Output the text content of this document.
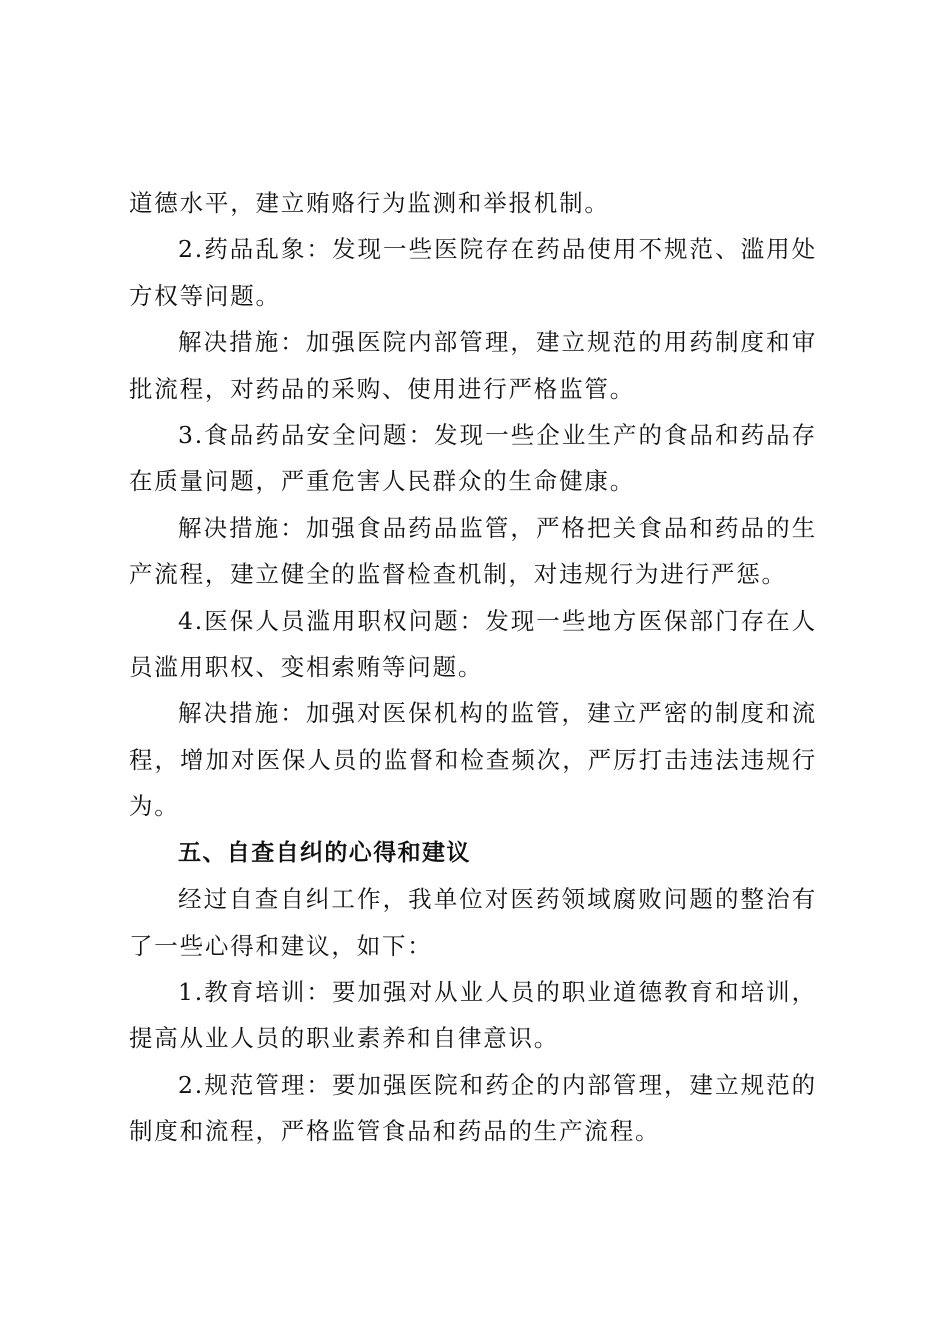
道德水平，建立贿赂行为监测和举报机制。

2.药品乱象：发现一些医院存在药品使用不规范、滥用处方权等问题。

解决措施：加强医院内部管理，建立规范的用药制度和审批流程，对药品的采购、使用进行严格监管。

3.食品药品安全问题：发现一些企业生产的食品和药品存在质量问题，严重危害人民群众的生命健康。

解决措施：加强食品药品监管，严格把关食品和药品的生产流程，建立健全的监督检查机制，对违规行为进行严惩。

4.医保人员滥用职权问题：发现一些地方医保部门存在人员滥用职权、变相索贿等问题。

解决措施：加强对医保机构的监管，建立严密的制度和流程，增加对医保人员的监督和检查频次，严厉打击违法违规行为。

五、自查自纠的心得和建议

经过自查自纠工作，我单位对医药领域腐败问题的整治有了一些心得和建议，如下：

1.教育培训：要加强对从业人员的职业道德教育和培训，提高从业人员的职业素养和自律意识。

2.规范管理：要加强医院和药企的内部管理，建立规范的制度和流程，严格监管食品和药品的生产流程。
